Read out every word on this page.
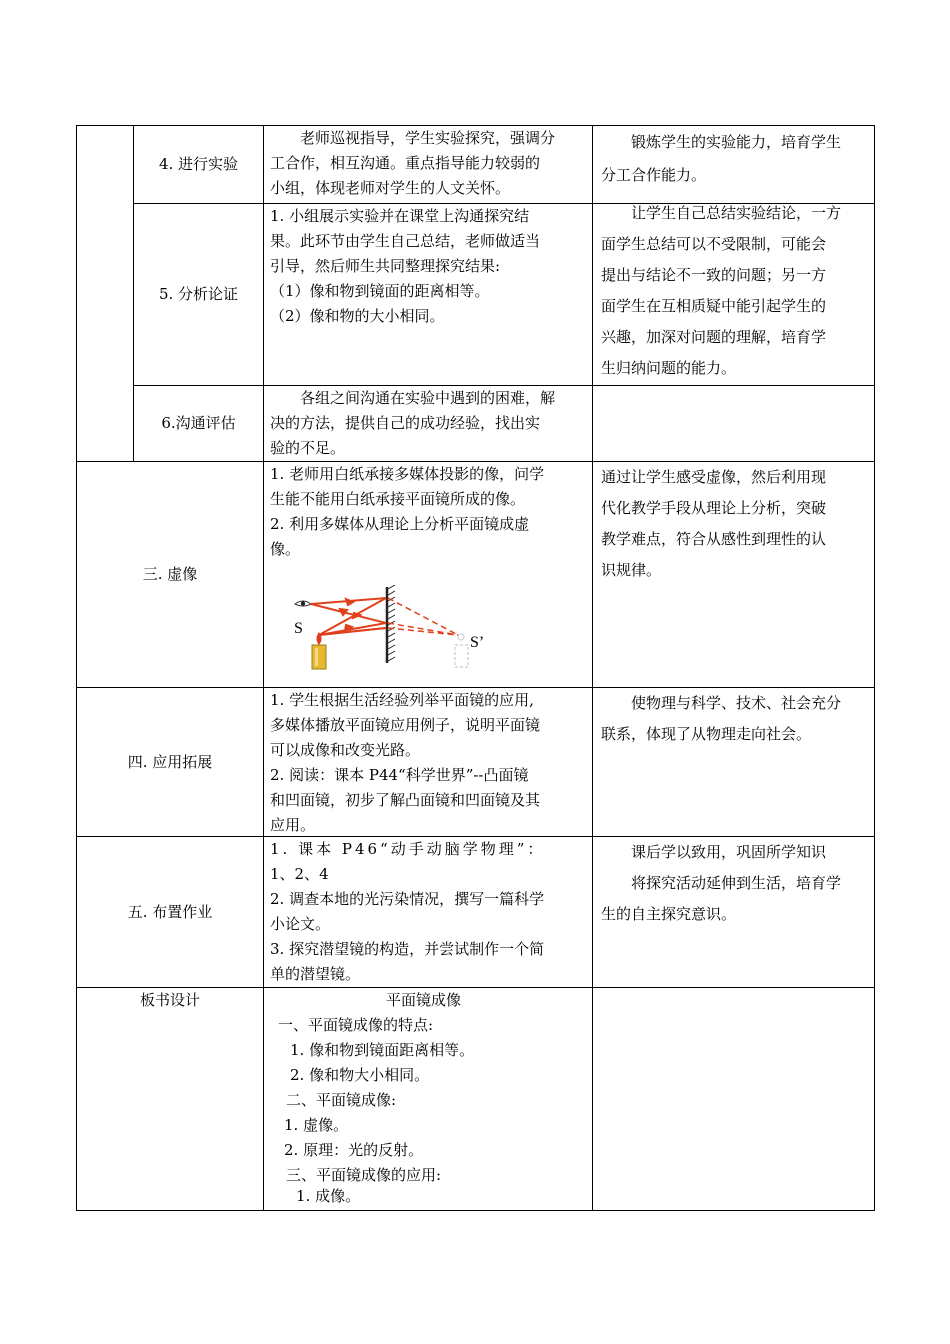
4. 进行实验

老师巡视指导，学生实验探究，强调分

工合作，相互沟通。重点指导能力较弱的

小组，体现老师对学生的人文关怀。

锻炼学生的实验能力，培育学生

分工合作能力。

5. 分析论证

1. 小组展示实验并在课堂上沟通探究结

果。此环节由学生自己总结，老师做适当

引导，然后师生共同整理探究结果:

（1）像和物到镜面的距离相等。

（2）像和物的大小相同。

让学生自己总结实验结论，一方

面学生总结可以不受限制，可能会

提出与结论不一致的问题；另一方

面学生在互相质疑中能引起学生的

兴趣，加深对问题的理解，培育学

生归纳问题的能力。

6.沟通评估

各组之间沟通在实验中遇到的困难，解

决的方法，提供自己的成功经验，找出实

验的不足。

三. 虚像

1. 老师用白纸承接多媒体投影的像，问学

生能不能用白纸承接平面镜所成的像。

2. 利用多媒体从理论上分析平面镜成虚

像。

通过让学生感受虚像，然后利用现

代化教学手段从理论上分析，突破

教学难点，符合从感性到理性的认

识规律。

S
S’
四. 应用拓展

1. 学生根据生活经验列举平面镜的应用,

多媒体播放平面镜应用例子，说明平面镜

可以成像和改变光路。

2. 阅读：课本 P44“科学世界”--凸面镜

和凹面镜，初步了解凸面镜和凹面镜及其

应用。

使物理与科学、技术、社会充分

联系，体现了从物理走向社会。

五. 布置作业

1. 课本 P46“动手动脑学物理”：

1、2、4

2. 调查本地的光污染情况，撰写一篇科学

小论文。

3. 探究潜望镜的构造，并尝试制作一个简

单的潜望镜。

课后学以致用，巩固所学知识

将探究活动延伸到生活，培育学

生的自主探究意识。

板书设计	平面镜成像
一、平面镜成像的特点:
1. 像和物到镜面距离相等。
2. 像和物大小相同。
二、平面镜成像:
1. 虚像。
2. 原理：光的反射。
三、平面镜成像的应用:
1. 成像。
